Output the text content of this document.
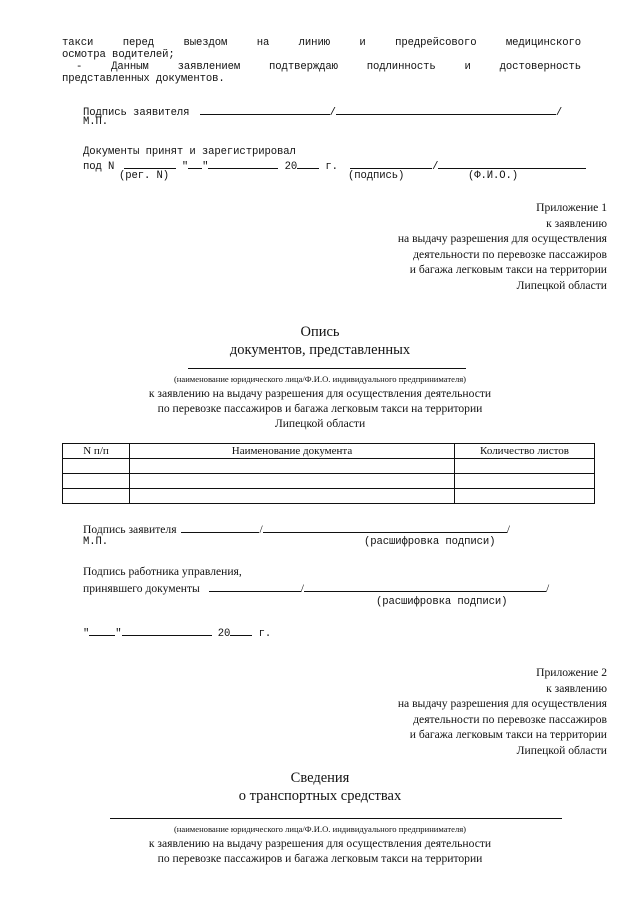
такси	перед	выездом	на	линию	и	предрейсового	медицинского
осмотра водителей;
- Данным	заявлением	подтверждаю	подлинность	и	достоверность
представленных документов.
Подпись заявителя	/	/
М.П.
Документы принят и зарегистрировал
под N	" "	20	г.	/
(рег. N)	(подпись)	(Ф.И.О.)
Приложение 1
к заявлению
на выдачу разрешения для осуществления
деятельности по перевозке пассажиров
и багажа легковым такси на территории
Липецкой области
Опись
документов, представленных
(наименование юридического лица/Ф.И.О. индивидуального предпринимателя)
к заявлению на выдачу разрешения для осуществления деятельности
по перевозке пассажиров и багажа легковым такси на территории
Липецкой области
N п/п	Наименование документа	Количество листов

Подпись заявителя	/	/
М.П.	(расшифровка подписи)
Подпись работника управления,
принявшего документы	/	/
(расшифровка подписи)
" "	20	г.
Приложение 2
к заявлению
на выдачу разрешения для осуществления
деятельности по перевозке пассажиров
и багажа легковым такси на территории
Липецкой области
Сведения
о транспортных средствах
(наименование юридического лица/Ф.И.О. индивидуального предпринимателя)
к заявлению на выдачу разрешения для осуществления деятельности
по перевозке пассажиров и багажа легковым такси на территории
